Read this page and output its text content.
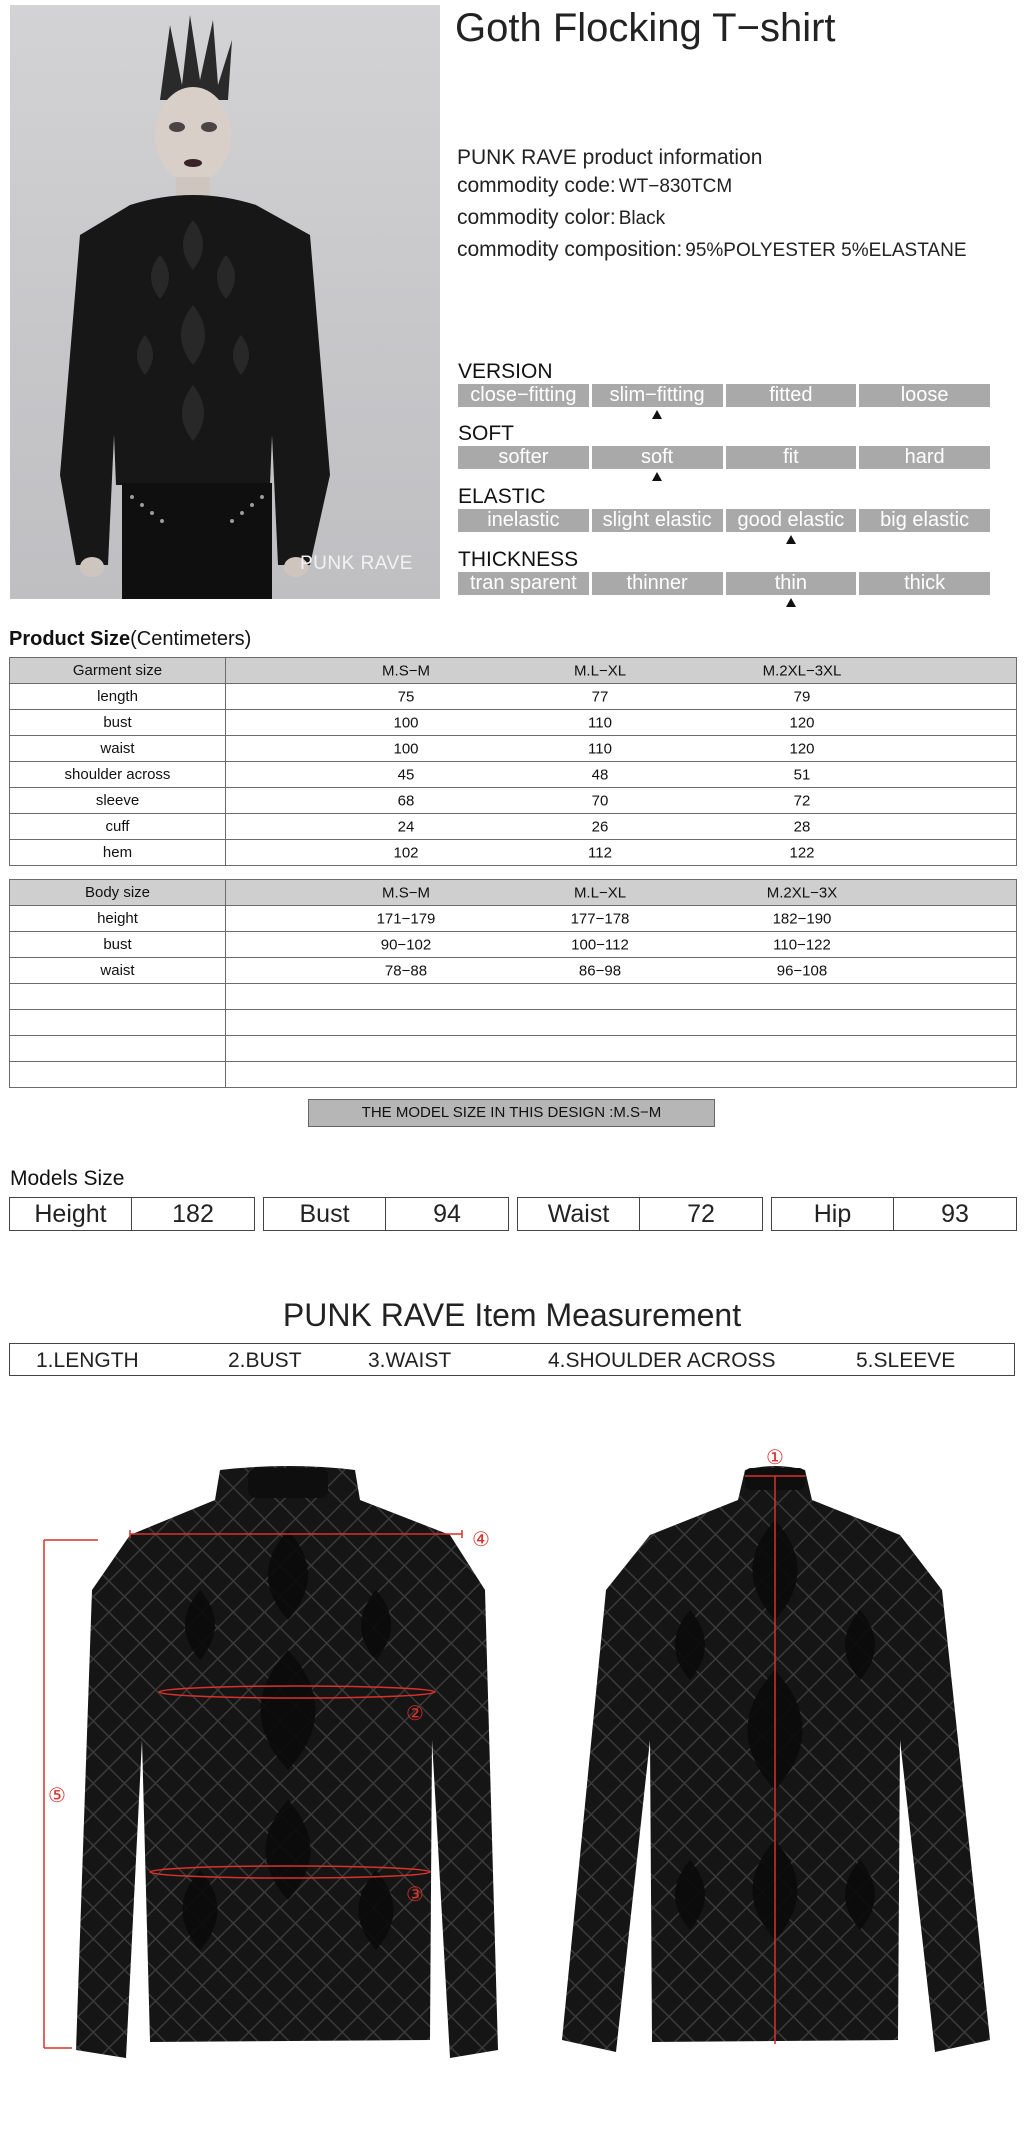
PUNK RAVE
Goth Flocking T−shirt
PUNK RAVE product information
commodity code: WT−830TCM
commodity color: Black
commodity composition: 95%POLYESTER 5%ELASTANE
VERSION
close−fitting	slim−fitting	fitted	loose
SOFT
softer	soft	fit	hard
ELASTIC
inelastic	slight elastic	good elastic	big elastic
THICKNESS
tran sparent	thinner	thin	thick
Product Size(Centimeters)
Garment size	M.S−M M.L−XL M.2XL−3XL

length	75 77 79

bust	100 110 120

waist	100 110 120

shoulder across	45 48 51

sleeve	68 70 72

cuff	24 26 28

hem	102 112 122
Body size	M.S−M M.L−XL M.2XL−3X

height	171−179 177−178 182−190

bust	90−102 100−112 110−122

waist	78−88 86−98 96−108

THE MODEL SIZE IN THIS DESIGN :M.S−M
Models Size
Height	182	Bust	94	Waist	72	Hip	93
PUNK RAVE Item Measurement
1.LENGTH	2.BUST	3.WAIST	4.SHOULDER ACROSS	5.SLEEVE
①
②
③
④
⑤
